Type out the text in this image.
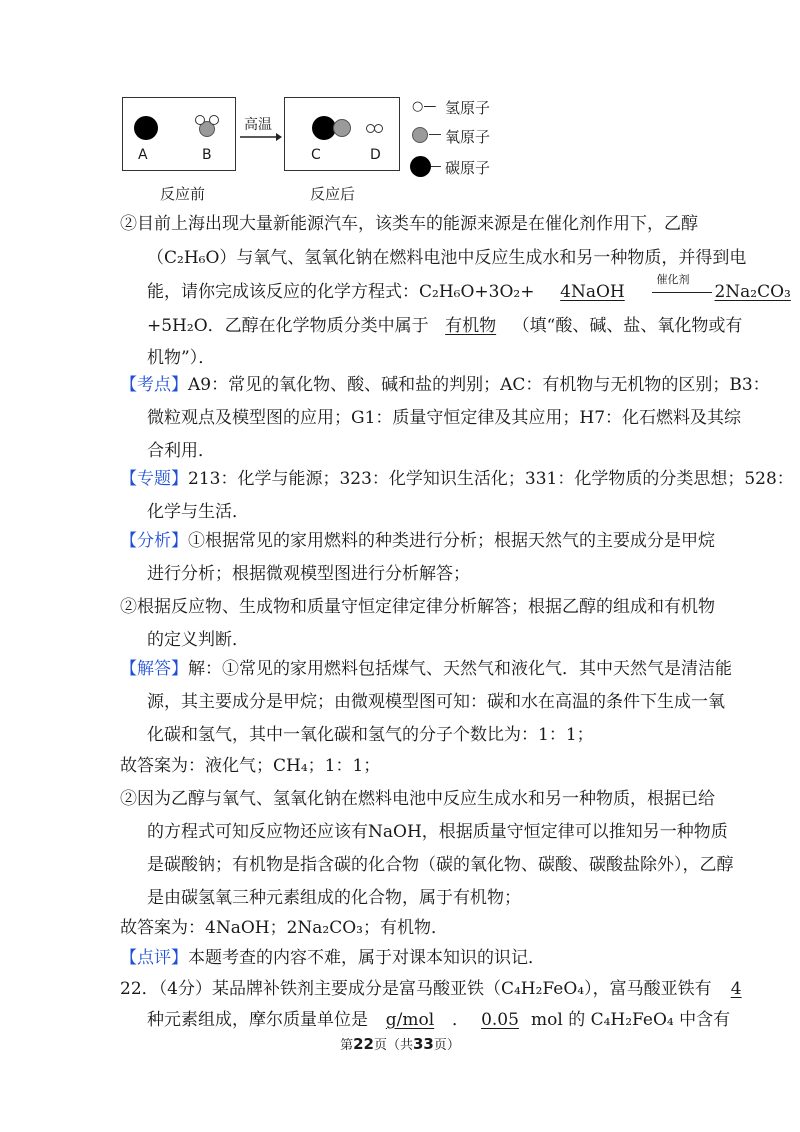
A	B
高温
C	D
反应前	反应后
○— 氢原子
氧原子
碳原子
②目前上海出现大量新能源汽车，该类车的能源来源是在催化剂作用下，乙醇
（C₂H₆O）与氧气、氢氧化钠在燃料电池中反应生成水和另一种物质，并得到电
能，请你完成该反应的化学方程式：C₂H₆O+3O₂+ 4NaOH
催化剂
2Na₂CO₃
+5H₂O．乙醇在化学物质分类中属于 有机物 （填“酸、碱、盐、氧化物或有
机物”）．
【考点】A9：常见的氧化物、酸、碱和盐的判别；AC：有机物与无机物的区别；B3：
微粒观点及模型图的应用；G1：质量守恒定律及其应用；H7：化石燃料及其综
合利用．
【专题】213：化学与能源；323：化学知识生活化；331：化学物质的分类思想；528：
化学与生活．
【分析】①根据常见的家用燃料的种类进行分析；根据天然气的主要成分是甲烷
进行分析；根据微观模型图进行分析解答；
②根据反应物、生成物和质量守恒定律定律分析解答；根据乙醇的组成和有机物
的定义判断．
【解答】解：①常见的家用燃料包括煤气、天然气和液化气．其中天然气是清洁能
源，其主要成分是甲烷；由微观模型图可知：碳和水在高温的条件下生成一氧
化碳和氢气，其中一氧化碳和氢气的分子个数比为：1：1；
故答案为：液化气；CH₄；1：1；
②因为乙醇与氧气、氢氧化钠在燃料电池中反应生成水和另一种物质，根据已给
的方程式可知反应物还应该有NaOH，根据质量守恒定律可以推知另一种物质
是碳酸钠；有机物是指含碳的化合物（碳的氧化物、碳酸、碳酸盐除外），乙醇
是由碳氢氧三种元素组成的化合物，属于有机物；
故答案为：4NaOH；2Na₂CO₃；有机物．
【点评】本题考查的内容不难，属于对课本知识的识记．
22．（4分）某品牌补铁剂主要成分是富马酸亚铁（C₄H₂FeO₄），富马酸亚铁有 4
种元素组成，摩尔质量单位是 g/mol ． 0.05 mol 的 C₄H₂FeO₄ 中含有
第22页（共33页）
